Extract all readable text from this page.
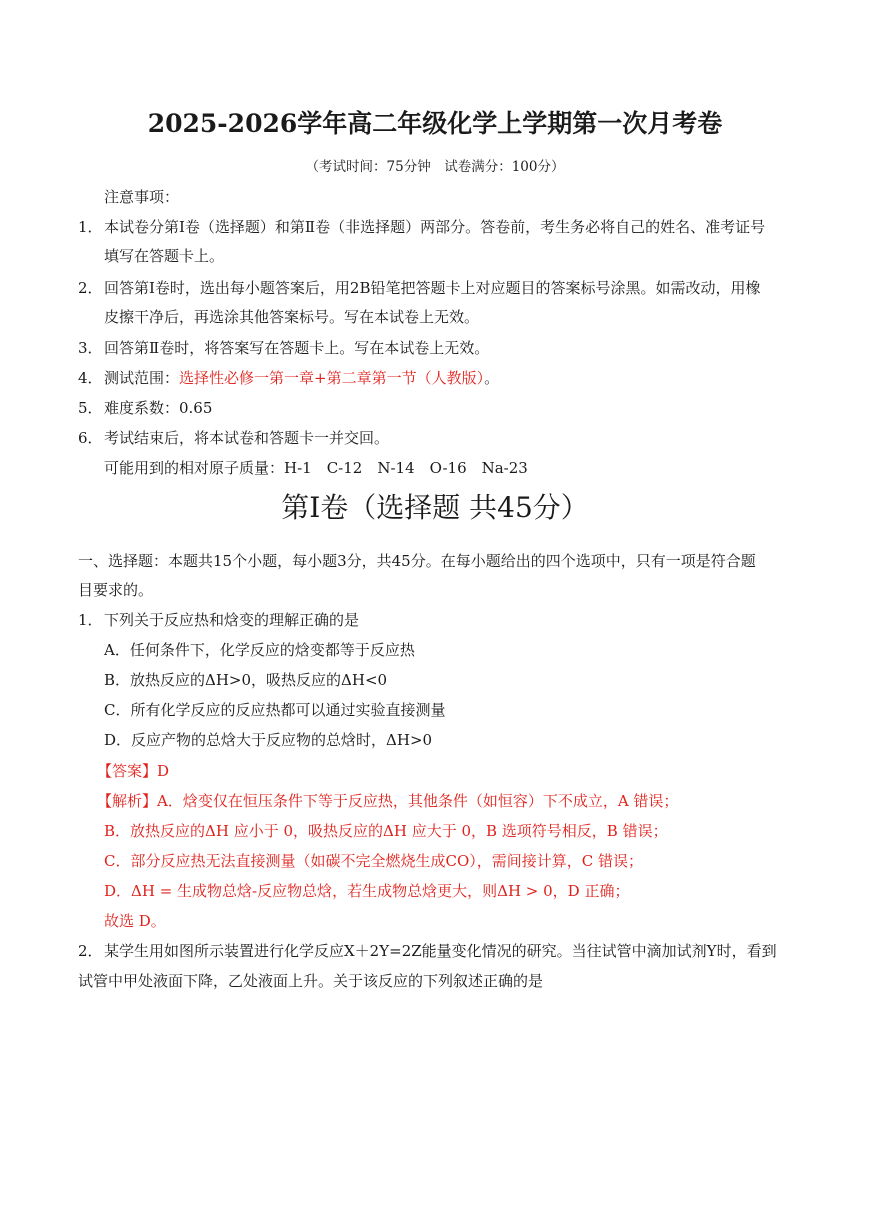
2025-2026学年高二年级化学上学期第一次月考卷
（考试时间：75分钟　试卷满分：100分）
注意事项：
1．本试卷分第Ⅰ卷（选择题）和第Ⅱ卷（非选择题）两部分。答卷前，考生务必将自己的姓名、准考证号
填写在答题卡上。
2．回答第Ⅰ卷时，选出每小题答案后，用2B铅笔把答题卡上对应题目的答案标号涂黑。如需改动，用橡
皮擦干净后，再选涂其他答案标号。写在本试卷上无效。
3．回答第Ⅱ卷时，将答案写在答题卡上。写在本试卷上无效。
4．测试范围：选择性必修一第一章+第二章第一节（人教版）。
5．难度系数：0.65
6．考试结束后，将本试卷和答题卡一并交回。
可能用到的相对原子质量：H-1　C-12　N-14　O-16　Na-23
第Ⅰ卷（选择题 共45分）
一、选择题：本题共15个小题，每小题3分，共45分。在每小题给出的四个选项中，只有一项是符合题
目要求的。
1．下列关于反应热和焓变的理解正确的是
A．任何条件下，化学反应的焓变都等于反应热
B．放热反应的ΔH>0，吸热反应的ΔH<0
C．所有化学反应的反应热都可以通过实验直接测量
D．反应产物的总焓大于反应物的总焓时，ΔH>0
【答案】D
【解析】A．焓变仅在恒压条件下等于反应热，其他条件（如恒容）下不成立，A 错误；
B．放热反应的ΔH 应小于 0，吸热反应的ΔH 应大于 0，B 选项符号相反，B 错误；
C．部分反应热无法直接测量（如碳不完全燃烧生成CO），需间接计算，C 错误；
D．ΔH = 生成物总焓-反应物总焓，若生成物总焓更大，则ΔH > 0，D 正确；
故选 D。
2．某学生用如图所示装置进行化学反应X＋2Y=2Z能量变化情况的研究。当往试管中滴加试剂Y时，看到
试管中甲处液面下降，乙处液面上升。关于该反应的下列叙述正确的是
